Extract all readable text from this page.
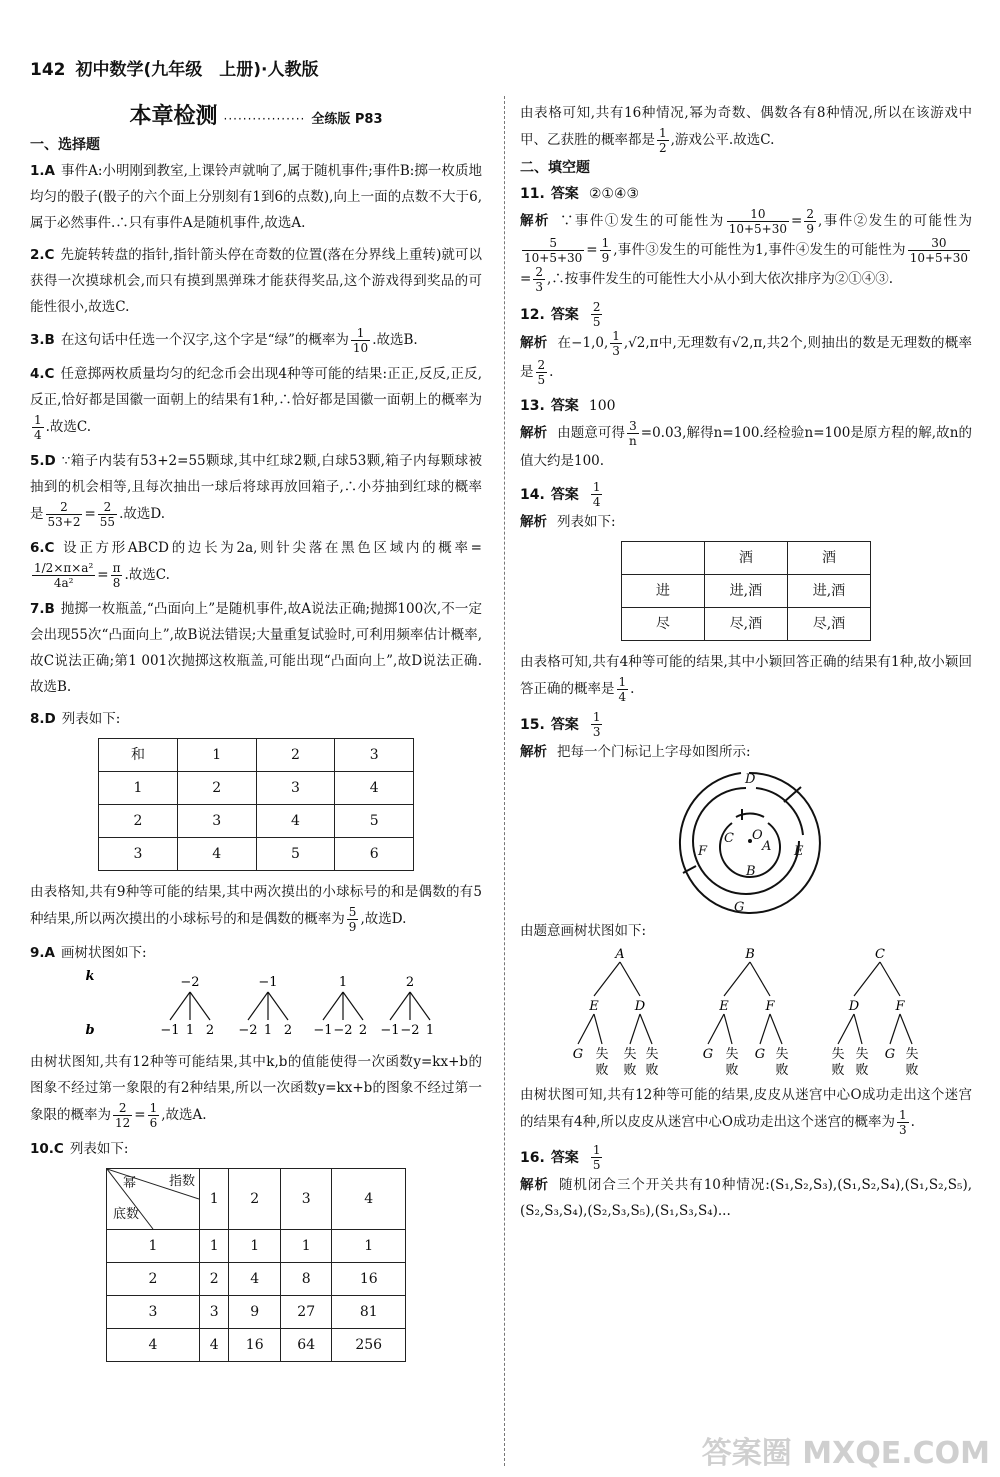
142 初中数学(九年级　上册)·人教版
本章检测 ················· 全练版 P83
一、选择题
1.A 事件A:小明刚到教室,上课铃声就响了,属于随机事件;事件B:掷一枚质地均匀的骰子(骰子的六个面上分别刻有1到6的点数),向上一面的点数不大于6,属于必然事件.∴只有事件A是随机事件,故选A.
2.C 先旋转转盘的指针,指针箭头停在奇数的位置(落在分界线上重转)就可以获得一次摸球机会,而只有摸到黑弹珠才能获得奖品,这个游戏得到奖品的可能性很小,故选C.
3.B 在这句话中任选一个汉字,这个字是“绿”的概率为 $\frac{1}{10}$ .故选B.
4.C 任意掷两枚质量均匀的纪念币会出现4种等可能的结果:正正,反反,正反,反正,恰好都是国徽一面朝上的结果有1种,∴恰好都是国徽一面朝上的概率为
$\frac{1}{4}$ .故选C.
5.D ∵箱子内装有53+2=55颗球,其中红球2颗,白球53颗,箱子内每颗球被抽到的机会相等,且每次抽出一球后将球再放回箱子,∴小芬抽到红球的概率是 $\frac{2}{53+2} = \frac{2}{55}$ .故选D.
6.C 设正方形ABCD的边长为2a,则针尖落在黑色区域内的概率=
$\frac{\text{1/2×π×a²}}{\text{4a²}} = \frac{\pi}{8}$ .故选C.
7.B 抛掷一枚瓶盖,“凸面向上”是随机事件,故A说法正确;抛掷100次,不一定会出现55次“凸面向上”,故B说法错误;大量重复试验时,可利用频率估计概率,故C说法正确;第1 001次抛掷这枚瓶盖,可能出现“凸面向上”,故D说法正确.故选B.
8.D 列表如下:
和	1	2	3
1	2	3	4
2	3	4	5
3	4	5	6
由表格知,共有9种等可能的结果,其中两次摸出的小球标号的和是偶数的有5种结果,所以两次摸出的小球标号的和是偶数的概率为 $\frac{5}{9}$ ,故选D.
9.A 画树状图如下:
k
b
−2
−1 1 2
−1
−2 1 2
1
−1 −2 2
2
−1 −2 1
由树状图知,共有12种等可能结果,其中k,b的值能使得一次函数y=kx+b的图象不经过第一象限的有2种结果,所以一次函数y=kx+b的图象不经过第一象限的概率为 $\frac{2}{12} = \frac{1}{6}$ ,故选A.
10.C 列表如下:
幂 指数
底数	1	2	3	4
1	1	1	1	1
2	2	4	8	16
3	3	9	27	81
4	4	16	64	256
由表格可知,共有16种情况,幂为奇数、偶数各有8种情况,所以在该游戏中甲、乙获胜的概率都是 $\frac{1}{2}$ ,游戏公平.故选C.
二、填空题
11. 答案 ②①④③
解析 ∵事件①发生的可能性为 $\frac{10}{10+5+30} = \frac{2}{9}$ ,事件②发生的可能性为
$\frac{5}{10+5+30} = \frac{1}{9}$ ,事件③发生的可能性为1,事件④发生的可能性为 $\frac{30}{10+5+30}$
= $\frac{2}{3}$ ,∴按事件发生的可能性大小从小到大依次排序为②①④③.
12. 答案 $\frac{2}{5}$
解析 在−1,0, $\frac{1}{3} ,√2,\pi$中,无理数有√2,π,共2个,则抽出的数是无理数的概率是 $\frac{2}{5}$ .
13. 答案 100
解析 由题意可得 $\frac{3}{n} =0.03$,解得n=100.经检验n=100是原方程的解,故n的值大约是100.
14. 答案 $\frac{1}{4}$
解析 列表如下:
	酒	酒
进	进,酒	进,酒
尽	尽,酒	尽,酒
由表格可知,共有4种等可能的结果,其中小颖回答正确的结果有1种,故小颖回答正确的概率是 $\frac{1}{4}$ .
15. 答案 $\frac{1}{3}$
解析 把每一个门标记上字母如图所示:
D
C O
A
F	E
B
G
由题意画树状图如下:
A
E	D
G 失
败
失
败
失
败
B
E	F
G 失
败
G 失
败
C
D	F
失
败
失
败
G 失
败
由树状图可知,共有12种等可能的结果,皮皮从迷宫中心O成功走出这个迷宫的结果有4种,所以皮皮从迷宫中心O成功走出这个迷宫的概率为 $\frac{1}{3}$ .
16. 答案 $\frac{1}{5}$
解析 随机闭合三个开关共有10种情况:(S₁,S₂,S₃),(S₁,S₂,S₄),(S₁,S₂,S₅),(S₂,S₃,S₄),(S₂,S₃,S₅),(S₁,S₃,S₄)...
答案圈 MXQE.COM
